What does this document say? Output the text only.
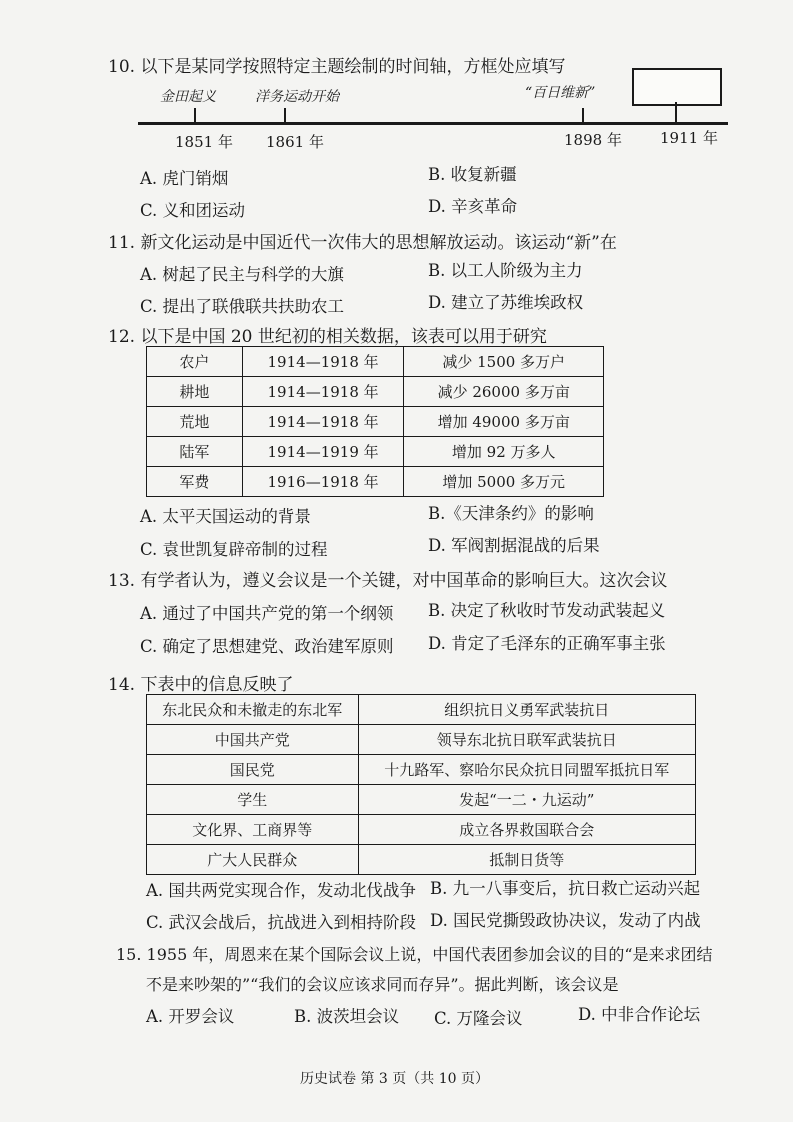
10. 以下是某同学按照特定主题绘制的时间轴，方框处应填写
金田起义	洋务运动开始	“百日维新”
1851 年 1861 年	1898 年	1911 年
A. 虎门销烟	B. 收复新疆
C. 义和团运动	D. 辛亥革命
11. 新文化运动是中国近代一次伟大的思想解放运动。该运动“新”在
A. 树起了民主与科学的大旗	B. 以工人阶级为主力
C. 提出了联俄联共扶助农工	D. 建立了苏维埃政权
12. 以下是中国 20 世纪初的相关数据，该表可以用于研究
农户	1914—1918 年	减少 1500 多万户
耕地	1914—1918 年	减少 26000 多万亩
荒地	1914—1918 年	增加 49000 多万亩
陆军	1914—1919 年	增加 92 万多人
军费	1916—1918 年	增加 5000 多万元
A. 太平天国运动的背景	B.《天津条约》的影响
C. 袁世凯复辟帝制的过程	D. 军阀割据混战的后果
13. 有学者认为，遵义会议是一个关键，对中国革命的影响巨大。这次会议
A. 通过了中国共产党的第一个纲领 B. 决定了秋收时节发动武装起义
C. 确定了思想建党、政治建军原则 D. 肯定了毛泽东的正确军事主张
14. 下表中的信息反映了
东北民众和未撤走的东北军	组织抗日义勇军武装抗日
中国共产党	领导东北抗日联军武装抗日
国民党	十九路军、察哈尔民众抗日同盟军抵抗日军
学生	发起“一二・九运动”
文化界、工商界等	成立各界救国联合会
广大人民群众	抵制日货等
A. 国共两党实现合作，发动北伐战争 B. 九一八事变后，抗日救亡运动兴起
C. 武汉会战后，抗战进入到相持阶段 D. 国民党撕毁政协决议，发动了内战
15. 1955 年，周恩来在某个国际会议上说，中国代表团参加会议的目的“是来求团结
不是来吵架的”“我们的会议应该求同而存异”。据此判断，该会议是
A. 开罗会议	B. 波茨坦会议 C. 万隆会议	D. 中非合作论坛
历史试卷 第 3 页（共 10 页）
